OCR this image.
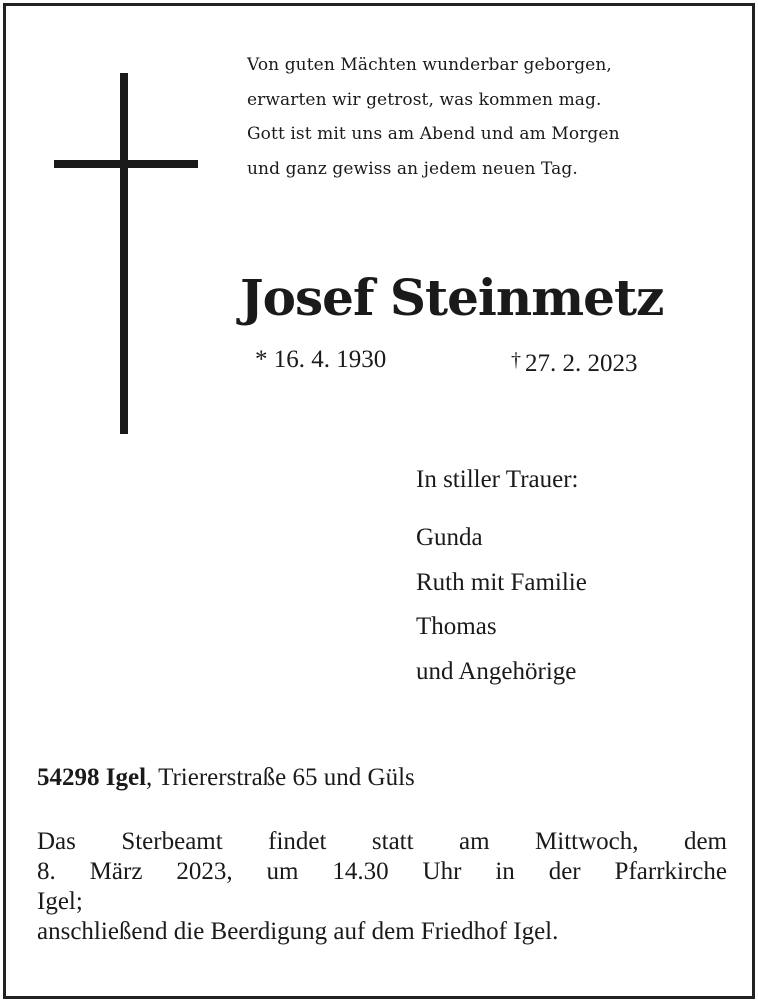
Von guten Mächten wunderbar geborgen,
erwarten wir getrost, was kommen mag.
Gott ist mit uns am Abend und am Morgen
und ganz gewiss an jedem neuen Tag.
Josef Steinmetz
* 16. 4. 1930	† 27. 2. 2023
In stiller Trauer:
Gunda
Ruth mit Familie
Thomas
und Angehörige
54298 Igel, Triererstraße 65 und Güls
Das Sterbeamt findet statt am Mittwoch, dem
8. März 2023, um 14.30 Uhr in der Pfarrkirche
Igel;
anschließend die Beerdigung auf dem Friedhof Igel.
